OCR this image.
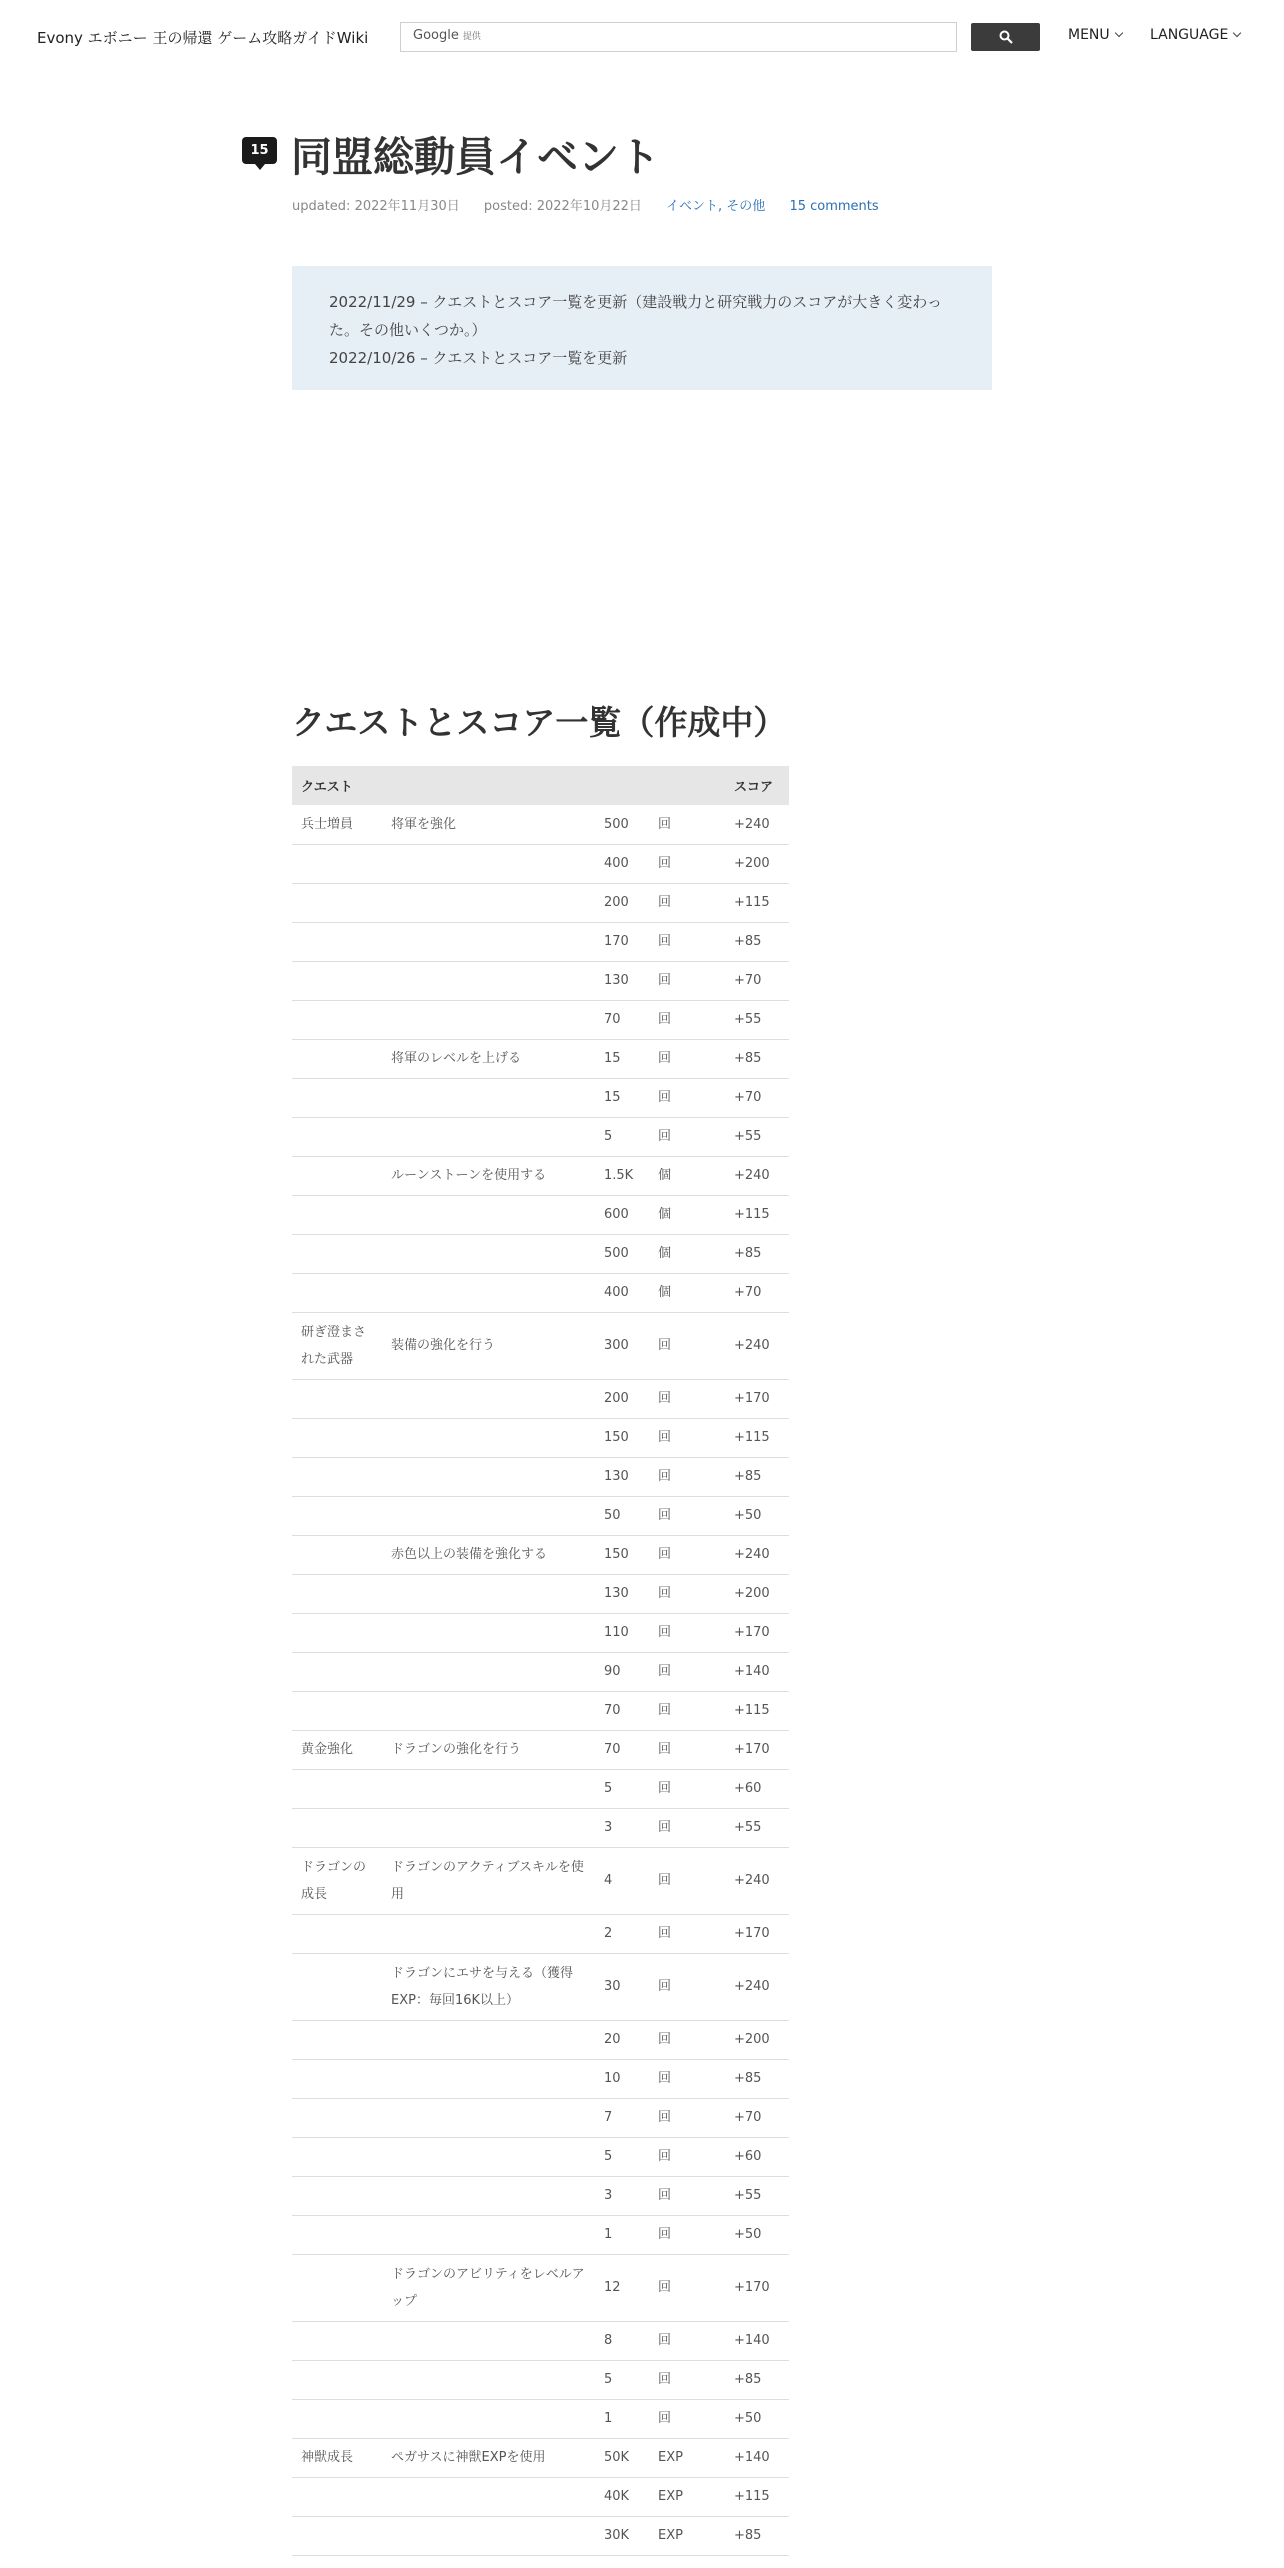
Evony エボニー 王の帰還 ゲーム攻略ガイドWiki	Google 提供	MENU	LANGUAGE
15 同盟総動員イベント
updated: 2022年11月30日 posted: 2022年10月22日 イベント, その他 15 comments
2022/11/29 – クエストとスコア一覧を更新（建設戦力と研究戦力のスコアが大きく変わった。その他いくつか。）
2022/10/26 – クエストとスコア一覧を更新
クエストとスコア一覧（作成中）
クエスト				スコア
兵士増員	将軍を強化	500	回	+240
		400	回	+200
		200	回	+115
		170	回	+85
		130	回	+70
		70	回	+55
	将軍のレベルを上げる	15	回	+85
		15	回	+70
		5	回	+55
	ルーンストーンを使用する	1.5K	個	+240
		600	個	+115
		500	個	+85
		400	個	+70
研ぎ澄まされた武器	装備の強化を行う	300	回	+240
		200	回	+170
		150	回	+115
		130	回	+85
		50	回	+50
	赤色以上の装備を強化する	150	回	+240
		130	回	+200
		110	回	+170
		90	回	+140
		70	回	+115
黄金強化	ドラゴンの強化を行う	70	回	+170
		5	回	+60
		3	回	+55
ドラゴンの成長	ドラゴンのアクティブスキルを使用	4	回	+240
		2	回	+170
	ドラゴンにエサを与える（獲得EXP：毎回16K以上）	30	回	+240
		20	回	+200
		10	回	+85
		7	回	+70
		5	回	+60
		3	回	+55
		1	回	+50
	ドラゴンのアビリティをレベルアップ	12	回	+170
		8	回	+140
		5	回	+85
		1	回	+50
神獣成長	ペガサスに神獣EXPを使用	50K	EXP	+140
		40K	EXP	+115
		30K	EXP	+85
